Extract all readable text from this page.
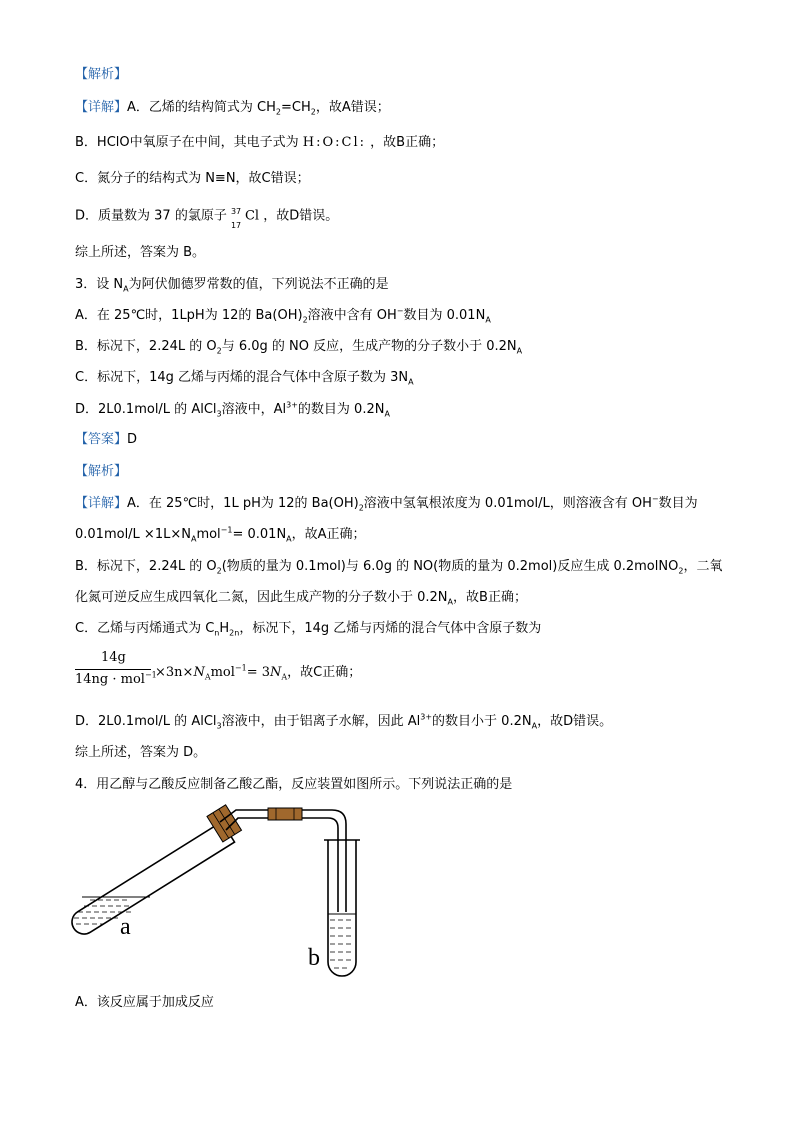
【解析】
【详解】A．乙烯的结构简式为 $CH_2=CH_2$，故A错误；
B．HClO中氧原子在中间，其电子式为 H:O:Cl: ，故B正确；
C．氮分子的结构式为 N≡N，故C错误；
D．质量数为 37 的氯原子 37
17
Cl ，故D错误。
综上所述，答案为 B。
3．设 $N_A$为阿伏伽德罗常数的值，下列说法不正确的是
A．在 25℃时，1LpH为 12的 $Ba(OH)_2$溶液中含有 OH−数目为 $0.01N_A$
B．标况下，2.24L 的 $O_2$与 6.0g 的 NO 反应，生成产物的分子数小于 $0.2N_A$
C．标况下，14g 乙烯与丙烯的混合气体中含原子数为 $3N_A$
D．2L0.1mol/L 的 AlCl$_3$溶液中，$Al^{3+}$的数目为 $0.2N_A$
【答案】D
【解析】
【详解】A．在 25℃时，1L pH为 12的 $Ba(OH)_2$溶液中氢氧根浓度为 0.01mol/L，则溶液含有 OH−数目为
$0.01mol/L \times 1L\times N_Amol^{-1}= 0.01N_A$，故A正确；
B．标况下，2.24L 的 $O_2$(物质的量为 0.1mol)与 6.0g 的 NO(物质的量为 0.2mol)反应生成 0.2molNO$_2$，二氧
化氮可逆反应生成四氧化二氮，因此生成产物的分子数小于 $0.2N_A$，故B正确；
C．乙烯与丙烯通式为 $C_nH_{2n}$，标况下，14g 乙烯与丙烯的混合气体中含原子数为
14g
14ng · mol$^{-1}$
$\times 3n\times N_Amol^{-1}= 3N_A$，故C正确；
D．2L0.1mol/L 的 AlCl$_3$溶液中，由于铝离子水解，因此 $Al^{3+}$的数目小于 $0.2N_A$，故D错误。
综上所述，答案为 D。
4．用乙醇与乙酸反应制备乙酸乙酯，反应装置如图所示。下列说法正确的是
a
b
A．该反应属于加成反应
